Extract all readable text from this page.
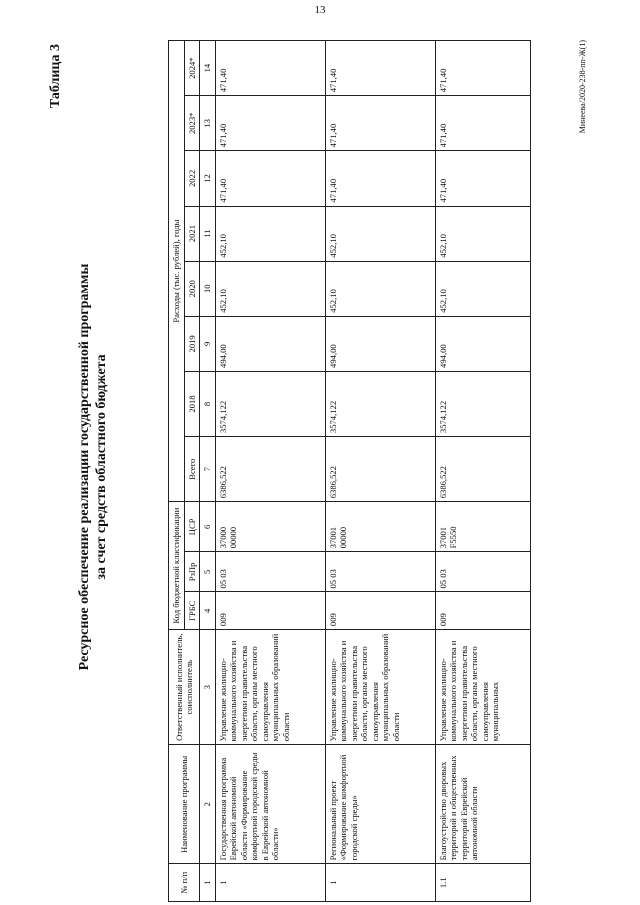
13
Таблица 3
Ресурсное обеспечение реализации государственной программы за счет средств областного бюджета
№ п/п	Наименование программы	Ответственный исполнитель, соисполнитель	Код бюджетной классификации			Расходы (тыс. рублей), годы							
			ГРБС	РзПр	ЦСР	Всего	2018	2019	2020	2021	2022	2023*	2024*
1	2	3	4	5	6	7	8	9	10	11	12	13	14
1	Государственная программа Еврейской автономной области «Формирование комфортной городской среды в Еврейской автономной области»	Управление жилищно-коммунального хозяйства и энергетики правительства области, органы местного самоуправления муниципальных образований области	009	05 03	37000 00000	6386,522	3574,122	494,00	452,10	452,10	471,40	471,40	471,40
1	Региональный проект «Формирование комфортной городской среды»	Управление жилищно-коммунального хозяйства и энергетики правительства области, органы местного самоуправления муниципальных образований области	009	05 03	37001 00000	6386,522	3574,122	494,00	452,10	452,10	471,40	471,40	471,40
1.1	Благоустройство дворовых территорий и общественных территорий Еврейской автономной области	Управление жилищно-коммунального хозяйства и энергетики правительства области, органы местного самоуправления муниципальных	009	05 03	37001 F5550	6386,522	3574,122	494,00	452,10	452,10	471,40	471,40	471,40	Минеева/2020-238-пп-Ж(1)
